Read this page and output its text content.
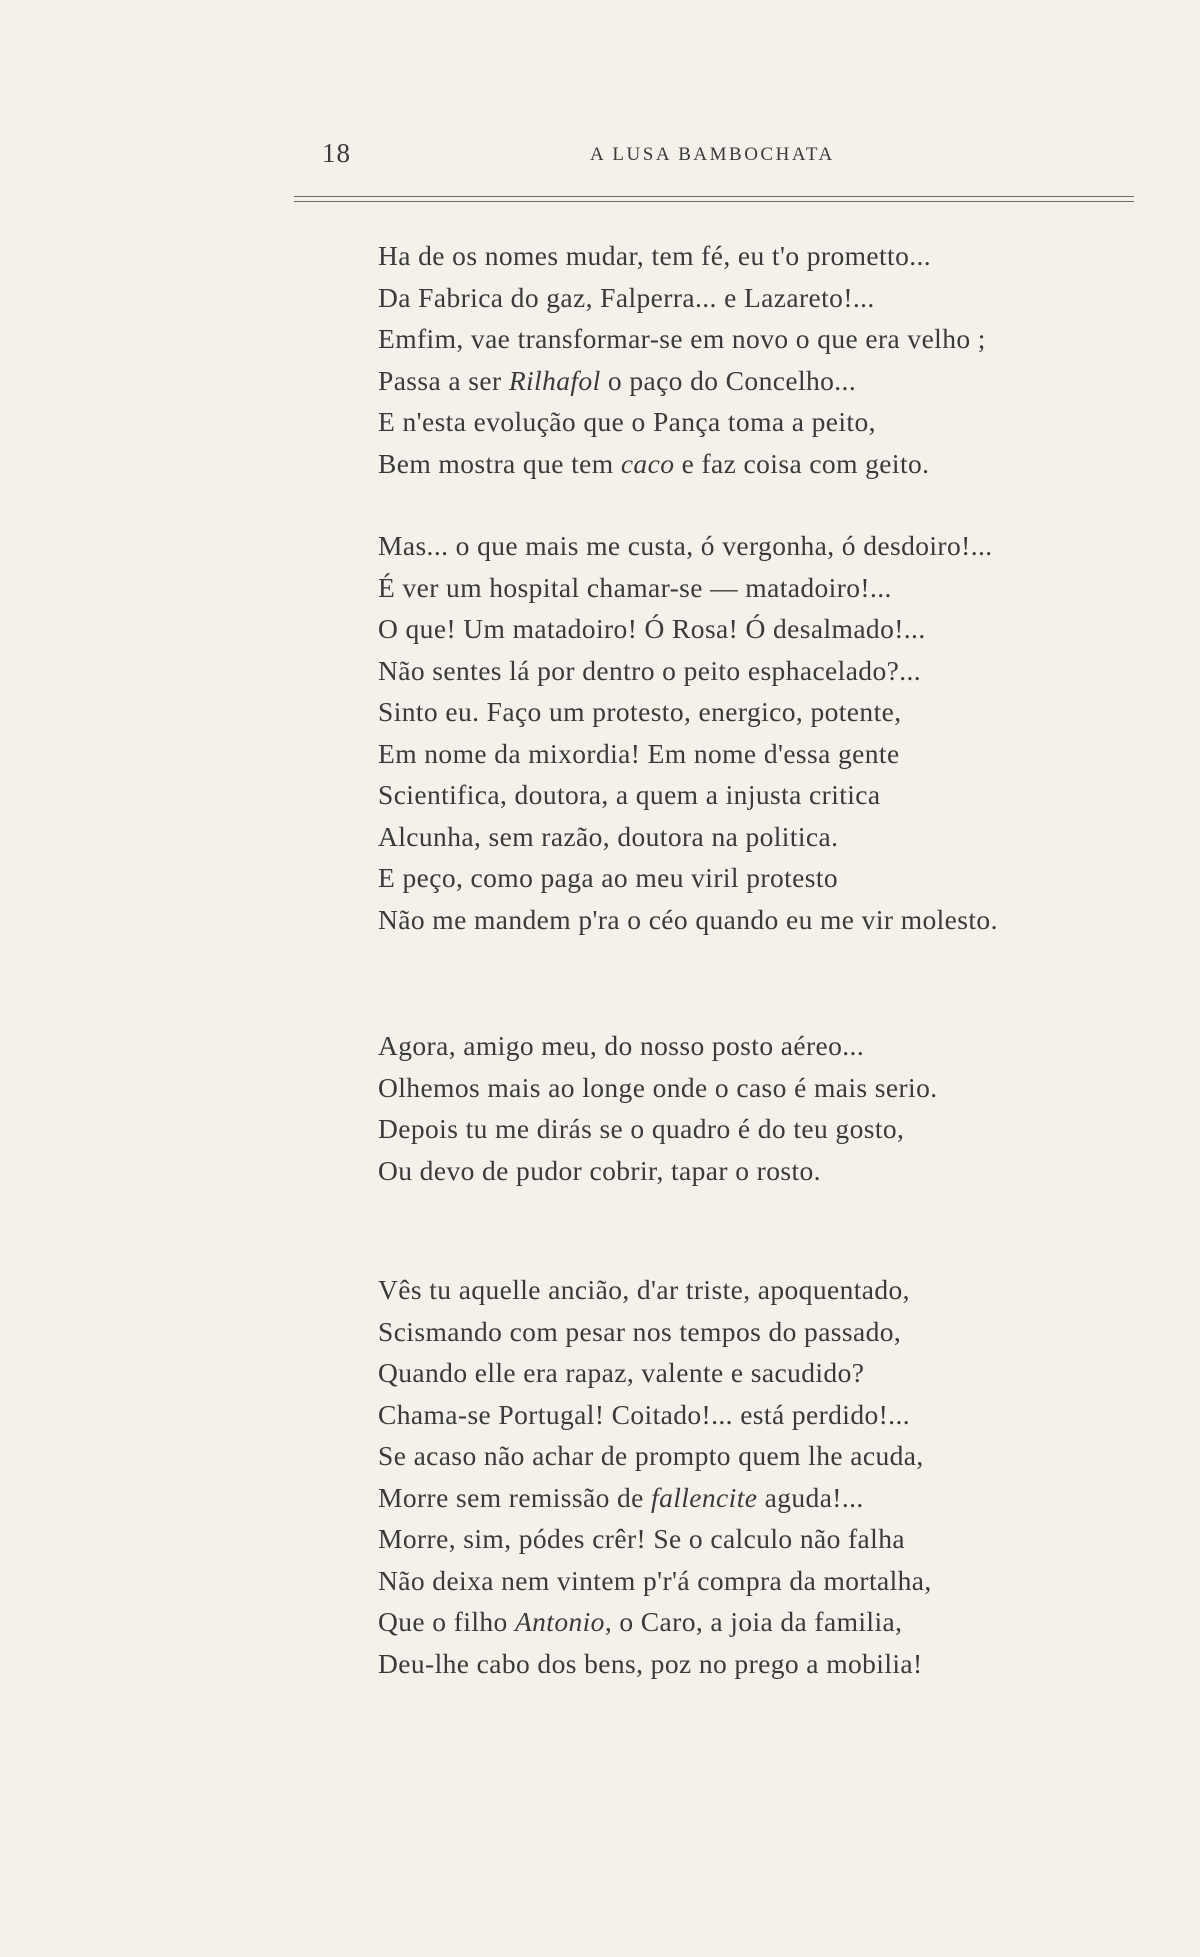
18	A LUSA BAMBOCHATA
Ha de os nomes mudar, tem fé, eu t'o prometto...
Da Fabrica do gaz, Falperra... e Lazareto!...
Emfim, vae transformar-se em novo o que era velho ;
Passa a ser Rilhafol o paço do Concelho...
E n'esta evolução que o Pança toma a peito,
Bem mostra que tem caco e faz coisa com geito.
Mas... o que mais me custa, ó vergonha, ó desdoiro!...
É ver um hospital chamar-se — matadoiro!...
O que! Um matadoiro! Ó Rosa! Ó desalmado!...
Não sentes lá por dentro o peito esphacelado?...
Sinto eu. Faço um protesto, energico, potente,
Em nome da mixordia! Em nome d'essa gente
Scientifica, doutora, a quem a injusta critica
Alcunha, sem razão, doutora na politica.
E peço, como paga ao meu viril protesto
Não me mandem p'ra o céo quando eu me vir molesto.
Agora, amigo meu, do nosso posto aéreo...
Olhemos mais ao longe onde o caso é mais serio.
Depois tu me dirás se o quadro é do teu gosto,
Ou devo de pudor cobrir, tapar o rosto.
Vês tu aquelle ancião, d'ar triste, apoquentado,
Scismando com pesar nos tempos do passado,
Quando elle era rapaz, valente e sacudido?
Chama-se Portugal! Coitado!... está perdido!...
Se acaso não achar de prompto quem lhe acuda,
Morre sem remissão de fallencite aguda!...
Morre, sim, pódes crêr! Se o calculo não falha
Não deixa nem vintem p'r'á compra da mortalha,
Que o filho Antonio, o Caro, a joia da familia,
Deu-lhe cabo dos bens, poz no prego a mobilia!
